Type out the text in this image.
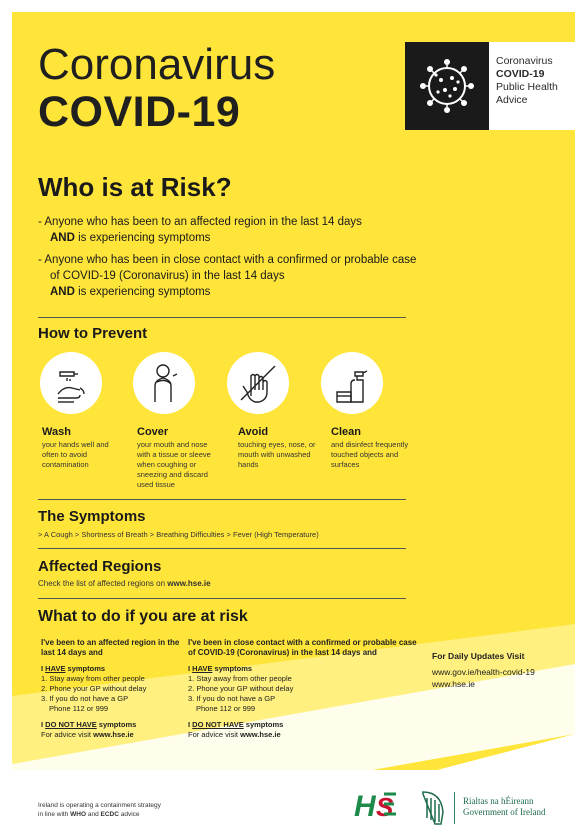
Coronavirus
COVID-19
Coronavirus
COVID-19
Public Health
Advice
Who is at Risk?
- Anyone who has been to an affected region in the last 14 days
AND is experiencing symptoms
- Anyone who has been in close contact with a confirmed or probable case of COVID-19 (Coronavirus) in the last 14 days
AND is experiencing symptoms
How to Prevent
Wash
your hands well and often to avoid contamination
Cover
your mouth and nose with a tissue or sleeve when coughing or sneezing and discard used tissue
Avoid
touching eyes, nose, or mouth with unwashed hands
Clean
and disinfect frequently touched objects and surfaces
The Symptoms
> A Cough > Shortness of Breath > Breathing Difficulties > Fever (High Temperature)
Affected Regions
Check the list of affected regions on www.hse.ie
What to do if you are at risk
I've been to an affected region in the last 14 days and
I HAVE symptoms
1. Stay away from other people
2. Phone your GP without delay
3. If you do not have a GP
Phone 112 or 999
I DO NOT HAVE symptoms
For advice visit www.hse.ie
I've been in close contact with a confirmed or probable case of COVID-19 (Coronavirus) in the last 14 days and
I HAVE symptoms
1. Stay away from other people
2. Phone your GP without delay
3. If you do not have a GP
Phone 112 or 999
I DO NOT HAVE symptoms
For advice visit www.hse.ie
For Daily Updates Visit
www.gov.ie/health-covid-19
www.hse.ie
Ireland is operating a containment strategy
in line with WHO and ECDC advice	H S	Rialtas na hÉireann
Government of Ireland
